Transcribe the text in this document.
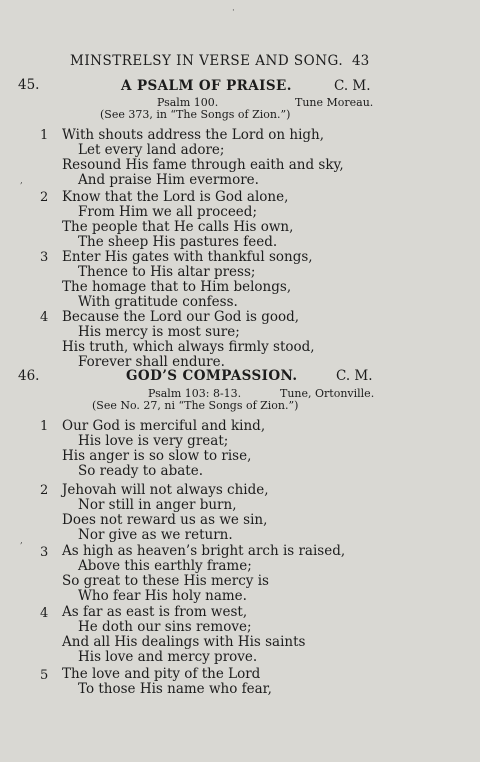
MINSTRELSY IN VERSE AND SONG. 43
45.	A PSALM OF PRAISE.	C. M.
Psalm 100.	Tune Moreau.
(See 373, in “The Songs of Zion.”)
1 With shouts address the Lord on high,
Let every land adore;
Resound His fame through eaith and sky,
And praise Him evermore.
2 Know that the Lord is God alone,
From Him we all proceed;
The people that He calls His own,
The sheep His pastures feed.
3 Enter His gates with thankful songs,
Thence to His altar press;
The homage that to Him belongs,
With gratitude confess.
4 Because the Lord our God is good,
His mercy is most sure;
His truth, which always firmly stood,
Forever shall endure.
46.	GOD’S COMPASSION.	C. M.
Psalm 103: 8-13.	Tune, Ortonville.
(See No. 27, ni “The Songs of Zion.”)
1 Our God is merciful and kind,
His love is very great;
His anger is so slow to rise,
So ready to abate.
2 Jehovah will not always chide,
Nor still in anger burn,
Does not reward us as we sin,
Nor give as we return.
3 As high as heaven’s bright arch is raised,
Above this earthly frame;
So great to these His mercy is
Who fear His holy name.
4 As far as east is from west,
He doth our sins remove;
And all His dealings with His saints
His love and mercy prove.
5 The love and pity of the Lord
To those His name who fear,
·
,
,
